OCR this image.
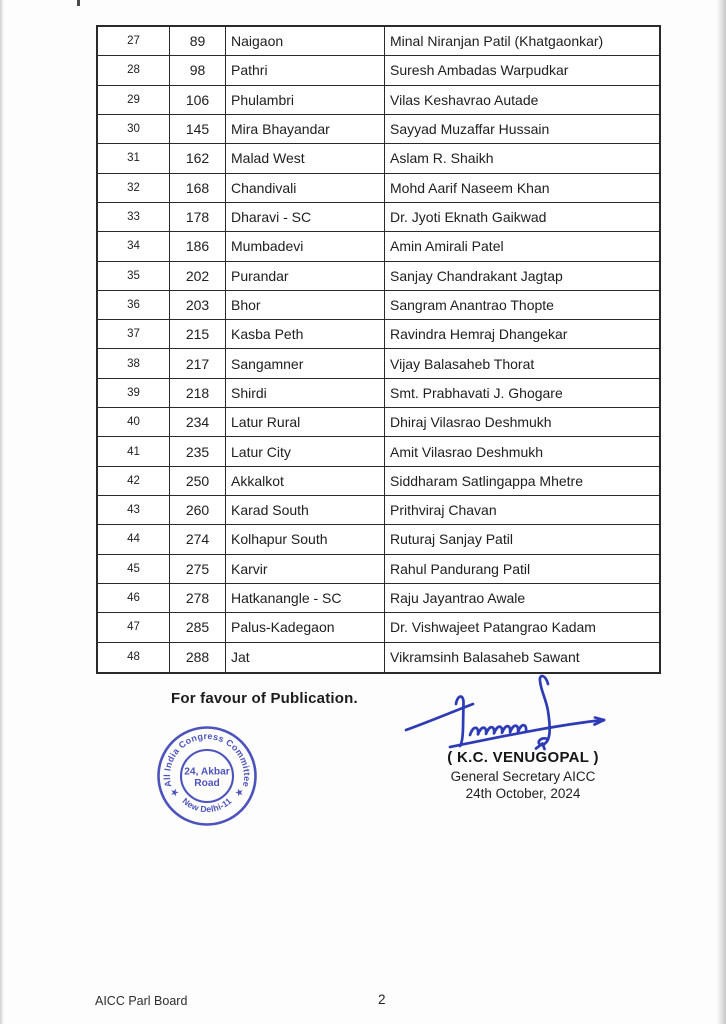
27	89	Naigaon	Minal Niranjan Patil (Khatgaonkar)
28	98	Pathri	Suresh Ambadas Warpudkar
29	106	Phulambri	Vilas Keshavrao Autade
30	145	Mira Bhayandar	Sayyad Muzaffar Hussain
31	162	Malad West	Aslam R. Shaikh
32	168	Chandivali	Mohd Aarif Naseem Khan
33	178	Dharavi - SC	Dr. Jyoti Eknath Gaikwad
34	186	Mumbadevi	Amin Amirali Patel
35	202	Purandar	Sanjay Chandrakant Jagtap
36	203	Bhor	Sangram Anantrao Thopte
37	215	Kasba Peth	Ravindra Hemraj Dhangekar
38	217	Sangamner	Vijay Balasaheb Thorat
39	218	Shirdi	Smt. Prabhavati J. Ghogare
40	234	Latur Rural	Dhiraj Vilasrao Deshmukh
41	235	Latur City	Amit Vilasrao Deshmukh
42	250	Akkalkot	Siddharam Satlingappa Mhetre
43	260	Karad South	Prithviraj Chavan
44	274	Kolhapur South	Ruturaj Sanjay Patil
45	275	Karvir	Rahul Pandurang Patil
46	278	Hatkanangle - SC	Raju Jayantrao Awale
47	285	Palus-Kadegaon	Dr. Vishwajeet Patangrao Kadam
48	288	Jat	Vikramsinh Balasaheb Sawant
For favour of Publication.
All India Congress Committee
New Delhi-11
★	★
24, Akbar
Road
( K.C. VENUGOPAL )
General Secretary AICC
24th October, 2024
AICC Parl Board	2
